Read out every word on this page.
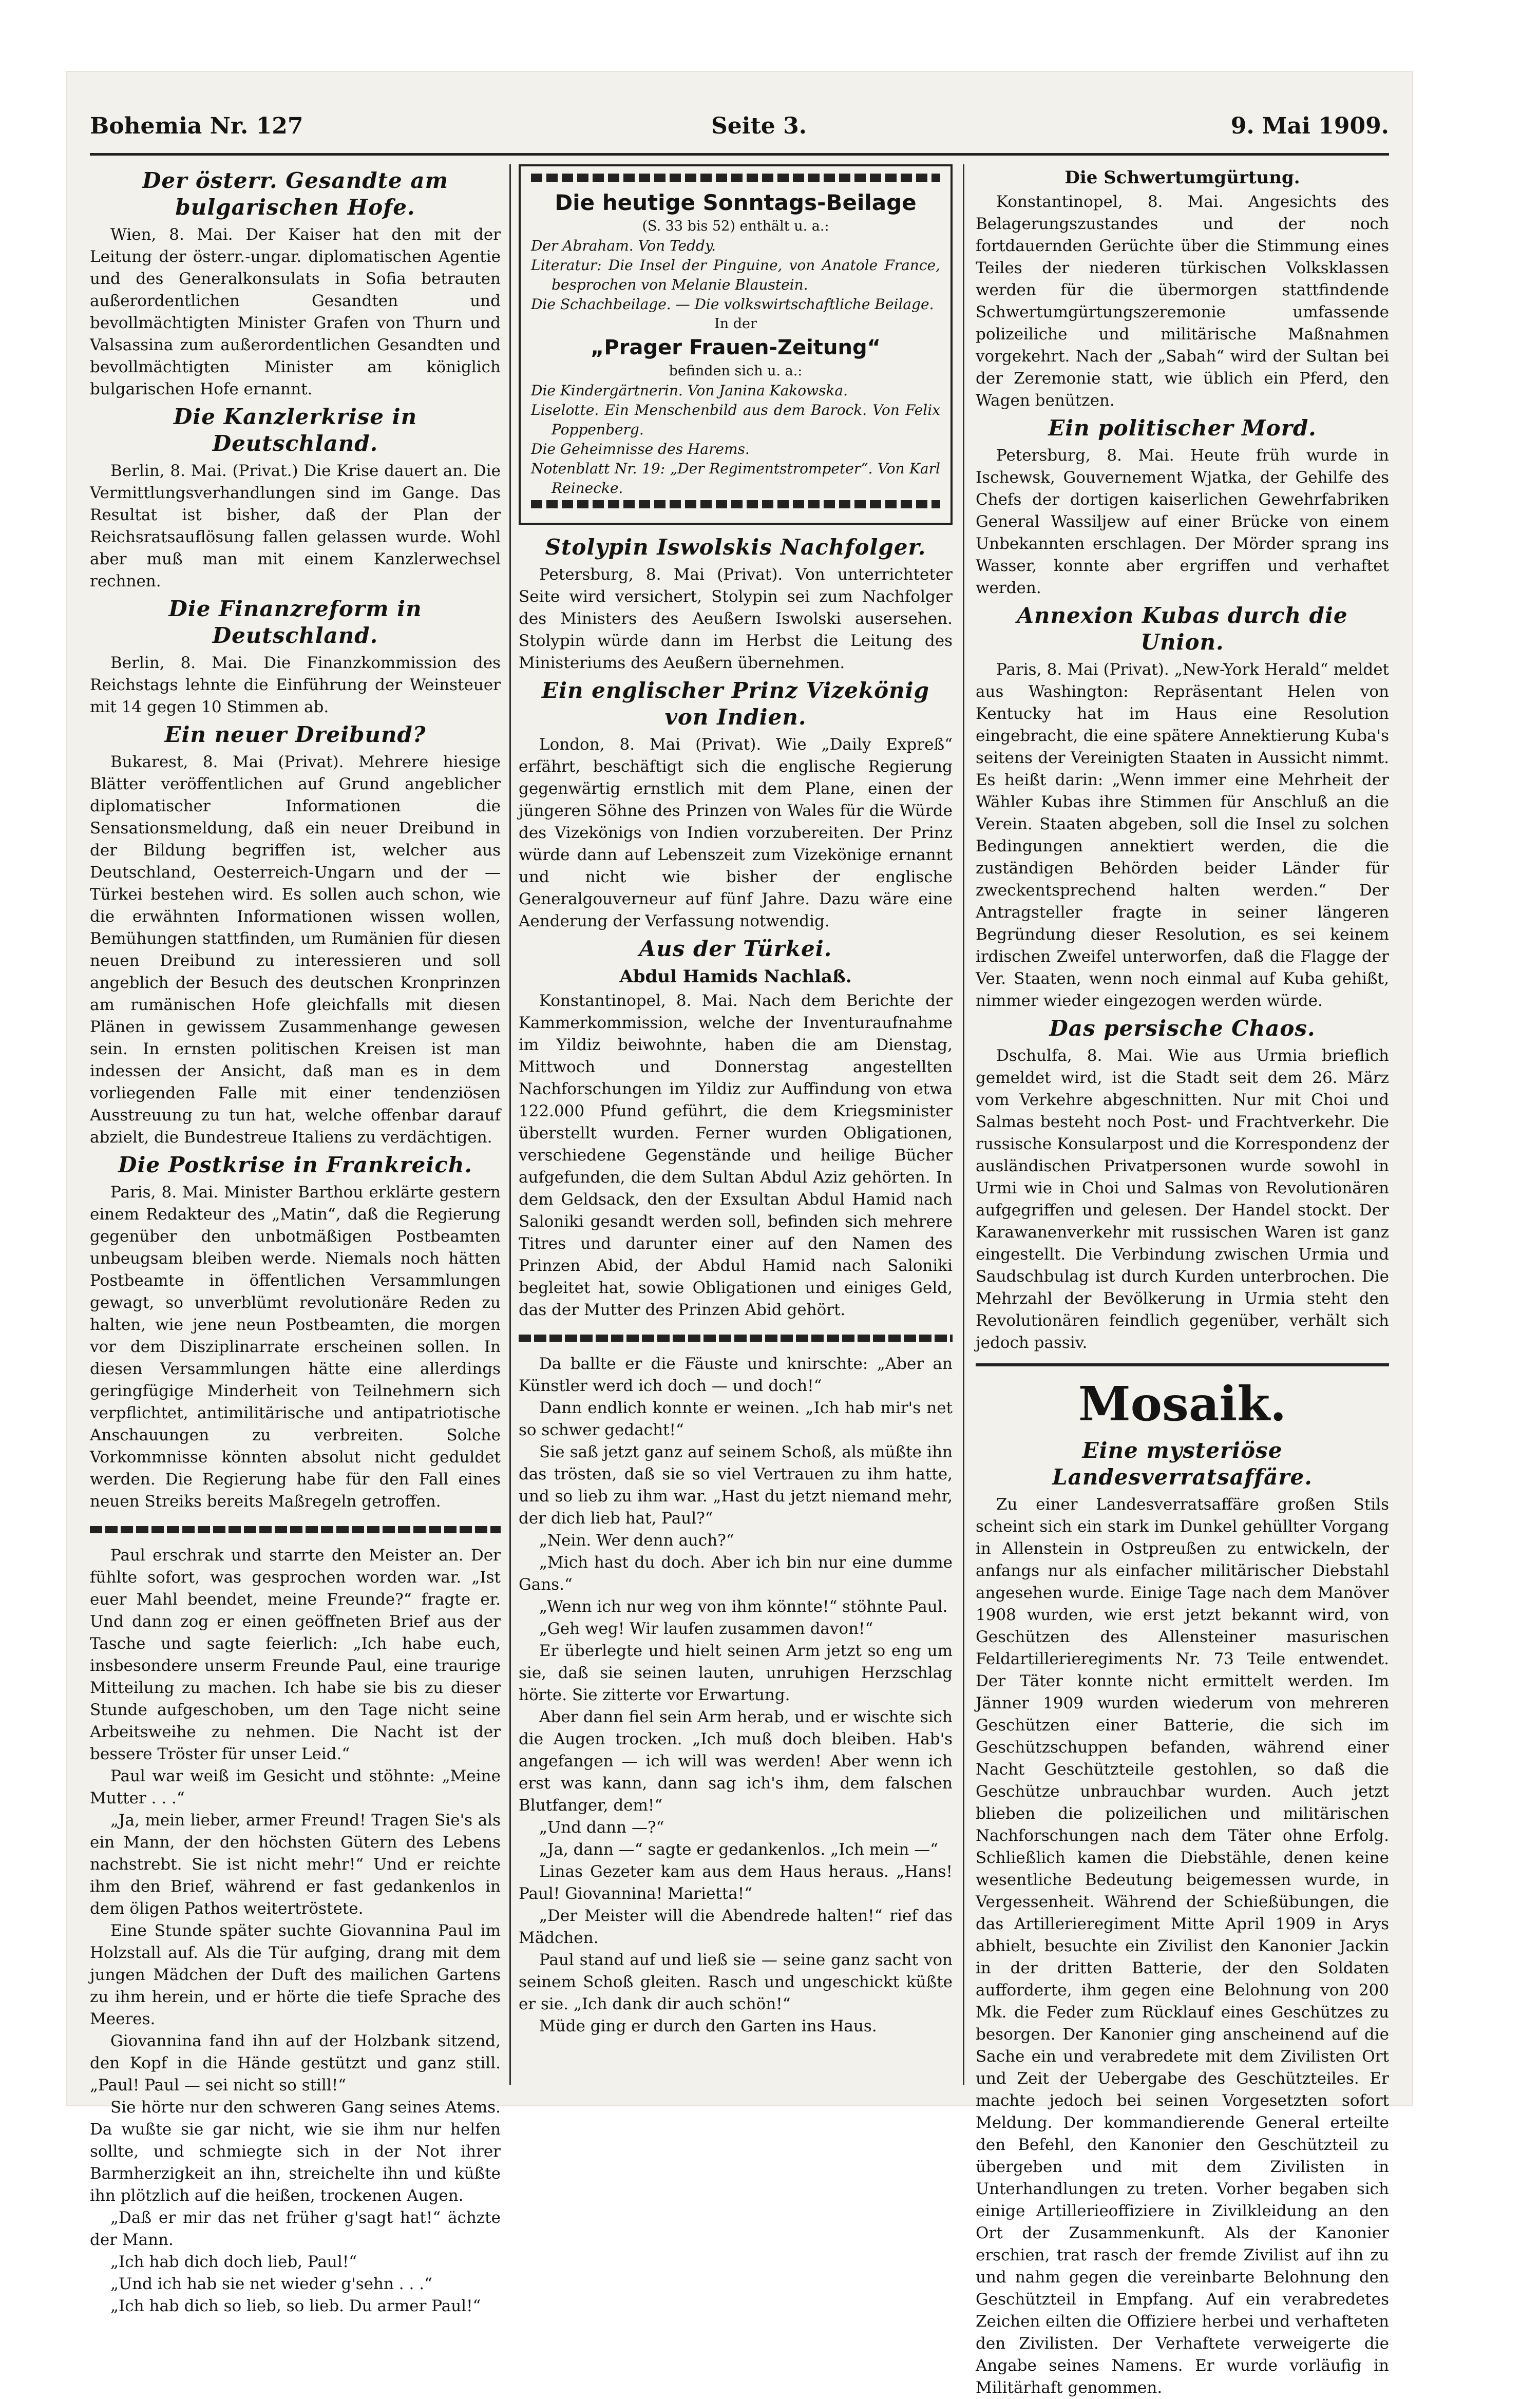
Bohemia Nr. 127	Seite 3.	9. Mai 1909.
Der österr. Gesandte am bulgarischen Hofe.

Wien, 8. Mai. Der Kaiser hat den mit der Leitung der österr.-ungar. diplomatischen Agentie und des Generalkonsulats in Sofia betrauten außerordentlichen Gesandten und bevollmächtigten Minister Grafen von Thurn und Valsassina zum außerordentlichen Gesandten und bevollmächtigten Minister am königlich bulgarischen Hofe ernannt.

Die Kanzlerkrise in Deutschland.

Berlin, 8. Mai. (Privat.) Die Krise dauert an. Die Vermittlungsverhandlungen sind im Gange. Das Resultat ist bisher, daß der Plan der Reichsratsauflösung fallen gelassen wurde. Wohl aber muß man mit einem Kanzlerwechsel rechnen.

Die Finanzreform in Deutschland.

Berlin, 8. Mai. Die Finanzkommission des Reichstags lehnte die Einführung der Weinsteuer mit 14 gegen 10 Stimmen ab.

Ein neuer Dreibund?

Bukarest, 8. Mai (Privat). Mehrere hiesige Blätter veröffentlichen auf Grund angeblicher diplomatischer Informationen die Sensationsmeldung, daß ein neuer Dreibund in der Bildung begriffen ist, welcher aus Deutschland, Oesterreich-Ungarn und der — Türkei bestehen wird. Es sollen auch schon, wie die erwähnten Informationen wissen wollen, Bemühungen stattfinden, um Rumänien für diesen neuen Dreibund zu interessieren und soll angeblich der Besuch des deutschen Kronprinzen am rumänischen Hofe gleichfalls mit diesen Plänen in gewissem Zusammenhange gewesen sein. In ernsten politischen Kreisen ist man indessen der Ansicht, daß man es in dem vorliegenden Falle mit einer tendenziösen Ausstreuung zu tun hat, welche offenbar darauf abzielt, die Bundestreue Italiens zu verdächtigen.

Die Postkrise in Frankreich.

Paris, 8. Mai. Minister Barthou erklärte gestern einem Redakteur des „Matin“, daß die Regierung gegenüber den unbotmäßigen Postbeamten unbeugsam bleiben werde. Niemals noch hätten Postbeamte in öffentlichen Versammlungen gewagt, so unverblümt revolutionäre Reden zu halten, wie jene neun Postbeamten, die morgen vor dem Disziplinarrate erscheinen sollen. In diesen Versammlungen hätte eine allerdings geringfügige Minderheit von Teilnehmern sich verpflichtet, antimilitärische und antipatriotische Anschauungen zu verbreiten. Solche Vorkommnisse könnten absolut nicht geduldet werden. Die Regierung habe für den Fall eines neuen Streiks bereits Maßregeln getroffen.

Paul erschrak und starrte den Meister an. Der fühlte sofort, was gesprochen worden war. „Ist euer Mahl beendet, meine Freunde?“ fragte er. Und dann zog er einen geöffneten Brief aus der Tasche und sagte feierlich: „Ich habe euch, insbesondere unserm Freunde Paul, eine traurige Mitteilung zu machen. Ich habe sie bis zu dieser Stunde aufgeschoben, um den Tage nicht seine Arbeitsweihe zu nehmen. Die Nacht ist der bessere Tröster für unser Leid.“

Paul war weiß im Gesicht und stöhnte: „Meine Mutter . . .“

„Ja, mein lieber, armer Freund! Tragen Sie's als ein Mann, der den höchsten Gütern des Lebens nachstrebt. Sie ist nicht mehr!“ Und er reichte ihm den Brief, während er fast gedankenlos in dem öligen Pathos weitertröstete.

Eine Stunde später suchte Giovannina Paul im Holzstall auf. Als die Tür aufging, drang mit dem jungen Mädchen der Duft des mailichen Gartens zu ihm herein, und er hörte die tiefe Sprache des Meeres.

Giovannina fand ihn auf der Holzbank sitzend, den Kopf in die Hände gestützt und ganz still. „Paul! Paul — sei nicht so still!“

Sie hörte nur den schweren Gang seines Atems. Da wußte sie gar nicht, wie sie ihm nur helfen sollte, und schmiegte sich in der Not ihrer Barmherzigkeit an ihn, streichelte ihn und küßte ihn plötzlich auf die heißen, trockenen Augen.

„Daß er mir das net früher g'sagt hat!“ ächzte der Mann.

„Ich hab dich doch lieb, Paul!“

„Und ich hab sie net wieder g'sehn . . .“

„Ich hab dich so lieb, so lieb. Du armer Paul!“

Die heutige Sonntags-Beilage
(S. 33 bis 52) enthält u. a.:

Der Abraham. Von Teddy.

Literatur: Die Insel der Pinguine, von Anatole France, besprochen von Melanie Blaustein.

Die Schachbeilage. — Die volkswirtschaftliche Beilage.

In der
„Prager Frauen-Zeitung“
befinden sich u. a.:

Die Kindergärtnerin. Von Janina Kakowska.

Liselotte. Ein Menschenbild aus dem Barock. Von Felix Poppenberg.

Die Geheimnisse des Harems.

Notenblatt Nr. 19: „Der Regimentstrompeter“. Von Karl Reinecke.

Stolypin Iswolskis Nachfolger.

Petersburg, 8. Mai (Privat). Von unterrichteter Seite wird versichert, Stolypin sei zum Nachfolger des Ministers des Aeußern Iswolski ausersehen. Stolypin würde dann im Herbst die Leitung des Ministeriums des Aeußern übernehmen.

Ein englischer Prinz Vizekönig von Indien.

London, 8. Mai (Privat). Wie „Daily Expreß“ erfährt, beschäftigt sich die englische Regierung gegenwärtig ernstlich mit dem Plane, einen der jüngeren Söhne des Prinzen von Wales für die Würde des Vizekönigs von Indien vorzubereiten. Der Prinz würde dann auf Lebenszeit zum Vizekönige ernannt und nicht wie bisher der englische Generalgouverneur auf fünf Jahre. Dazu wäre eine Aenderung der Verfassung notwendig.

Aus der Türkei.
Abdul Hamids Nachlaß.

Konstantinopel, 8. Mai. Nach dem Berichte der Kammerkommission, welche der Inventuraufnahme im Yildiz beiwohnte, haben die am Dienstag, Mittwoch und Donnerstag angestellten Nachforschungen im Yildiz zur Auffindung von etwa 122.000 Pfund geführt, die dem Kriegsminister überstellt wurden. Ferner wurden Obligationen, verschiedene Gegenstände und heilige Bücher aufgefunden, die dem Sultan Abdul Aziz gehörten. In dem Geldsack, den der Exsultan Abdul Hamid nach Saloniki gesandt werden soll, befinden sich mehrere Titres und darunter einer auf den Namen des Prinzen Abid, der Abdul Hamid nach Saloniki begleitet hat, sowie Obligationen und einiges Geld, das der Mutter des Prinzen Abid gehört.

Da ballte er die Fäuste und knirschte: „Aber an Künstler werd ich doch — und doch!“

Dann endlich konnte er weinen. „Ich hab mir's net so schwer gedacht!“

Sie saß jetzt ganz auf seinem Schoß, als müßte ihn das trösten, daß sie so viel Vertrauen zu ihm hatte, und so lieb zu ihm war. „Hast du jetzt niemand mehr, der dich lieb hat, Paul?“

„Nein. Wer denn auch?“

„Mich hast du doch. Aber ich bin nur eine dumme Gans.“

„Wenn ich nur weg von ihm könnte!“ stöhnte Paul.

„Geh weg! Wir laufen zusammen davon!“

Er überlegte und hielt seinen Arm jetzt so eng um sie, daß sie seinen lauten, unruhigen Herzschlag hörte. Sie zitterte vor Erwartung.

Aber dann fiel sein Arm herab, und er wischte sich die Augen trocken. „Ich muß doch bleiben. Hab's angefangen — ich will was werden! Aber wenn ich erst was kann, dann sag ich's ihm, dem falschen Blutfanger, dem!“

„Und dann —?“

„Ja, dann —“ sagte er gedankenlos. „Ich mein —“

Linas Gezeter kam aus dem Haus heraus. „Hans! Paul! Giovannina! Marietta!“

„Der Meister will die Abendrede halten!“ rief das Mädchen.

Paul stand auf und ließ sie — seine ganz sacht von seinem Schoß gleiten. Rasch und ungeschickt küßte er sie. „Ich dank dir auch schön!“

Müde ging er durch den Garten ins Haus.

Die Schwertumgürtung.

Konstantinopel, 8. Mai. Angesichts des Belagerungszustandes und der noch fortdauernden Gerüchte über die Stimmung eines Teiles der niederen türkischen Volksklassen werden für die übermorgen stattfindende Schwertumgürtungszeremonie umfassende polizeiliche und militärische Maßnahmen vorgekehrt. Nach der „Sabah“ wird der Sultan bei der Zeremonie statt, wie üblich ein Pferd, den Wagen benützen.

Ein politischer Mord.

Petersburg, 8. Mai. Heute früh wurde in Ischewsk, Gouvernement Wjatka, der Gehilfe des Chefs der dortigen kaiserlichen Gewehrfabriken General Wassiljew auf einer Brücke von einem Unbekannten erschlagen. Der Mörder sprang ins Wasser, konnte aber ergriffen und verhaftet werden.

Annexion Kubas durch die Union.

Paris, 8. Mai (Privat). „New-York Herald“ meldet aus Washington: Repräsentant Helen von Kentucky hat im Haus eine Resolution eingebracht, die eine spätere Annektierung Kuba's seitens der Vereinigten Staaten in Aussicht nimmt. Es heißt darin: „Wenn immer eine Mehrheit der Wähler Kubas ihre Stimmen für Anschluß an die Verein. Staaten abgeben, soll die Insel zu solchen Bedingungen annektiert werden, die die zuständigen Behörden beider Länder für zweckentsprechend halten werden.“ Der Antragsteller fragte in seiner längeren Begründung dieser Resolution, es sei keinem irdischen Zweifel unterworfen, daß die Flagge der Ver. Staaten, wenn noch einmal auf Kuba gehißt, nimmer wieder eingezogen werden würde.

Das persische Chaos.

Dschulfa, 8. Mai. Wie aus Urmia brieflich gemeldet wird, ist die Stadt seit dem 26. März vom Verkehre abgeschnitten. Nur mit Choi und Salmas besteht noch Post- und Frachtverkehr. Die russische Konsularpost und die Korrespondenz der ausländischen Privatpersonen wurde sowohl in Urmi wie in Choi und Salmas von Revolutionären aufgegriffen und gelesen. Der Handel stockt. Der Karawanenverkehr mit russischen Waren ist ganz eingestellt. Die Verbindung zwischen Urmia und Saudschbulag ist durch Kurden unterbrochen. Die Mehrzahl der Bevölkerung in Urmia steht den Revolutionären feindlich gegenüber, verhält sich jedoch passiv.

Mosaik.
Eine mysteriöse Landesverratsaffäre.

Zu einer Landesverratsaffäre großen Stils scheint sich ein stark im Dunkel gehüllter Vorgang in Allenstein in Ostpreußen zu entwickeln, der anfangs nur als einfacher militärischer Diebstahl angesehen wurde. Einige Tage nach dem Manöver 1908 wurden, wie erst jetzt bekannt wird, von Geschützen des Allensteiner masurischen Feldartillerieregiments Nr. 73 Teile entwendet. Der Täter konnte nicht ermittelt werden. Im Jänner 1909 wurden wiederum von mehreren Geschützen einer Batterie, die sich im Geschützschuppen befanden, während einer Nacht Geschützteile gestohlen, so daß die Geschütze unbrauchbar wurden. Auch jetzt blieben die polizeilichen und militärischen Nachforschungen nach dem Täter ohne Erfolg. Schließlich kamen die Diebstähle, denen keine wesentliche Bedeutung beigemessen wurde, in Vergessenheit. Während der Schießübungen, die das Artillerieregiment Mitte April 1909 in Arys abhielt, besuchte ein Zivilist den Kanonier Jackin in der dritten Batterie, der den Soldaten aufforderte, ihm gegen eine Belohnung von 200 Mk. die Feder zum Rücklauf eines Geschützes zu besorgen. Der Kanonier ging anscheinend auf die Sache ein und verabredete mit dem Zivilisten Ort und Zeit der Uebergabe des Geschützteiles. Er machte jedoch bei seinen Vorgesetzten sofort Meldung. Der kommandierende General erteilte den Befehl, den Kanonier den Geschützteil zu übergeben und mit dem Zivilisten in Unterhandlungen zu treten. Vorher begaben sich einige Artillerieoffiziere in Zivilkleidung an den Ort der Zusammenkunft. Als der Kanonier erschien, trat rasch der fremde Zivilist auf ihn zu und nahm gegen die vereinbarte Belohnung den Geschützteil in Empfang. Auf ein verabredetes Zeichen eilten die Offiziere herbei und verhafteten den Zivilisten. Der Verhaftete verweigerte die Angabe seines Namens. Er wurde vorläufig in Militärhaft genommen.
